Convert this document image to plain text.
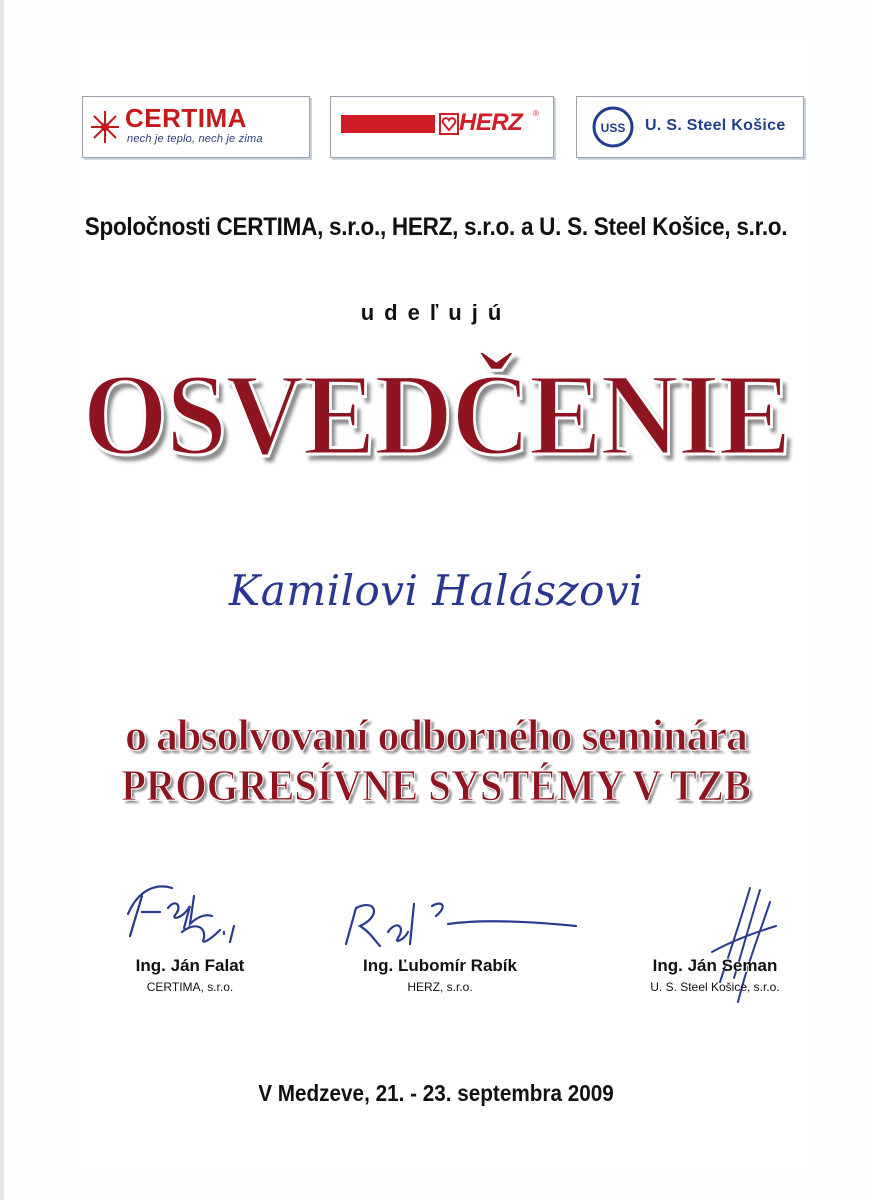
CERTIMA
nech je teplo, nech je zima
HERZ ®
USS U. S. Steel Košice
Spoločnosti CERTIMA, s.r.o., HERZ, s.r.o. a U. S. Steel Košice, s.r.o.
udeľujú
OSVEDČENIE
Kamilovi Halászovi
o absolvovaní odborného seminára
PROGRESÍVNE SYSTÉMY V TZB
Ing. Ján Falat
CERTIMA, s.r.o.
Ing. Ľubomír Rabík
HERZ, s.r.o.
Ing. Ján Seman
U. S. Steel Košice, s.r.o.
V Medzeve, 21. - 23. septembra 2009
